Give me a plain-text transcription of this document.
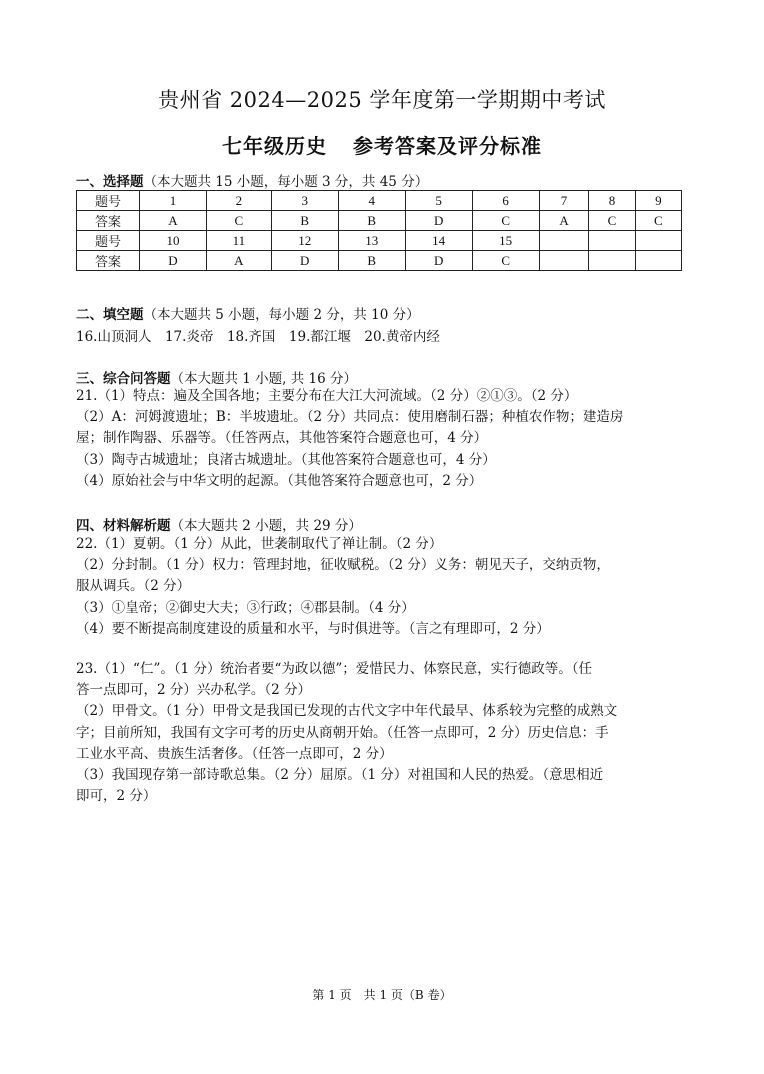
贵州省 2024—2025 学年度第一学期期中考试
七年级历史 参考答案及评分标准
一、选择题（本大题共 15 小题，每小题 3 分，共 45 分）
题号	1	2	3	4	5	6	7	8	9
答案	A	C	B	B	D	C	A	C	C
题号	10	11	12	13	14	15			
答案	D	A	D	B	D	C			
二、填空题（本大题共 5 小题，每小题 2 分，共 10 分）
16.山顶洞人　17.炎帝　18.齐国　19.都江堰　20.黄帝内经
三、综合问答题（本大题共 1 小题, 共 16 分）

21.（1）特点：遍及全国各地；主要分布在大江大河流域。（2 分）②①③。（2 分）

（2）A：河姆渡遗址；B：半坡遗址。（2 分）共同点：使用磨制石器；种植农作物；建造房

屋；制作陶器、乐器等。（任答两点，其他答案符合题意也可，4 分）

（3）陶寺古城遗址；良渚古城遗址。（其他答案符合题意也可，4 分）

（4）原始社会与中华文明的起源。（其他答案符合题意也可，2 分）

四、材料解析题（本大题共 2 小题，共 29 分）

22.（1）夏朝。（1 分）从此，世袭制取代了禅让制。（2 分）

（2）分封制。（1 分）权力：管理封地，征收赋税。（2 分）义务：朝见天子，交纳贡物，

服从调兵。（2 分）

（3）①皇帝；②御史大夫；③行政；④郡县制。（4 分）

（4）要不断提高制度建设的质量和水平，与时俱进等。（言之有理即可，2 分）

23.（1）“仁”。（1 分）统治者要“为政以德”；爱惜民力、体察民意，实行德政等。（任

答一点即可，2 分）兴办私学。（2 分）

（2）甲骨文。（1 分）甲骨文是我国已发现的古代文字中年代最早、体系较为完整的成熟文

字；目前所知，我国有文字可考的历史从商朝开始。（任答一点即可，2 分）历史信息：手

工业水平高、贵族生活奢侈。（任答一点即可，2 分）

（3）我国现存第一部诗歌总集。（2 分）屈原。（1 分）对祖国和人民的热爱。（意思相近

即可，2 分）

第 1 页　共 1 页（B 卷）
